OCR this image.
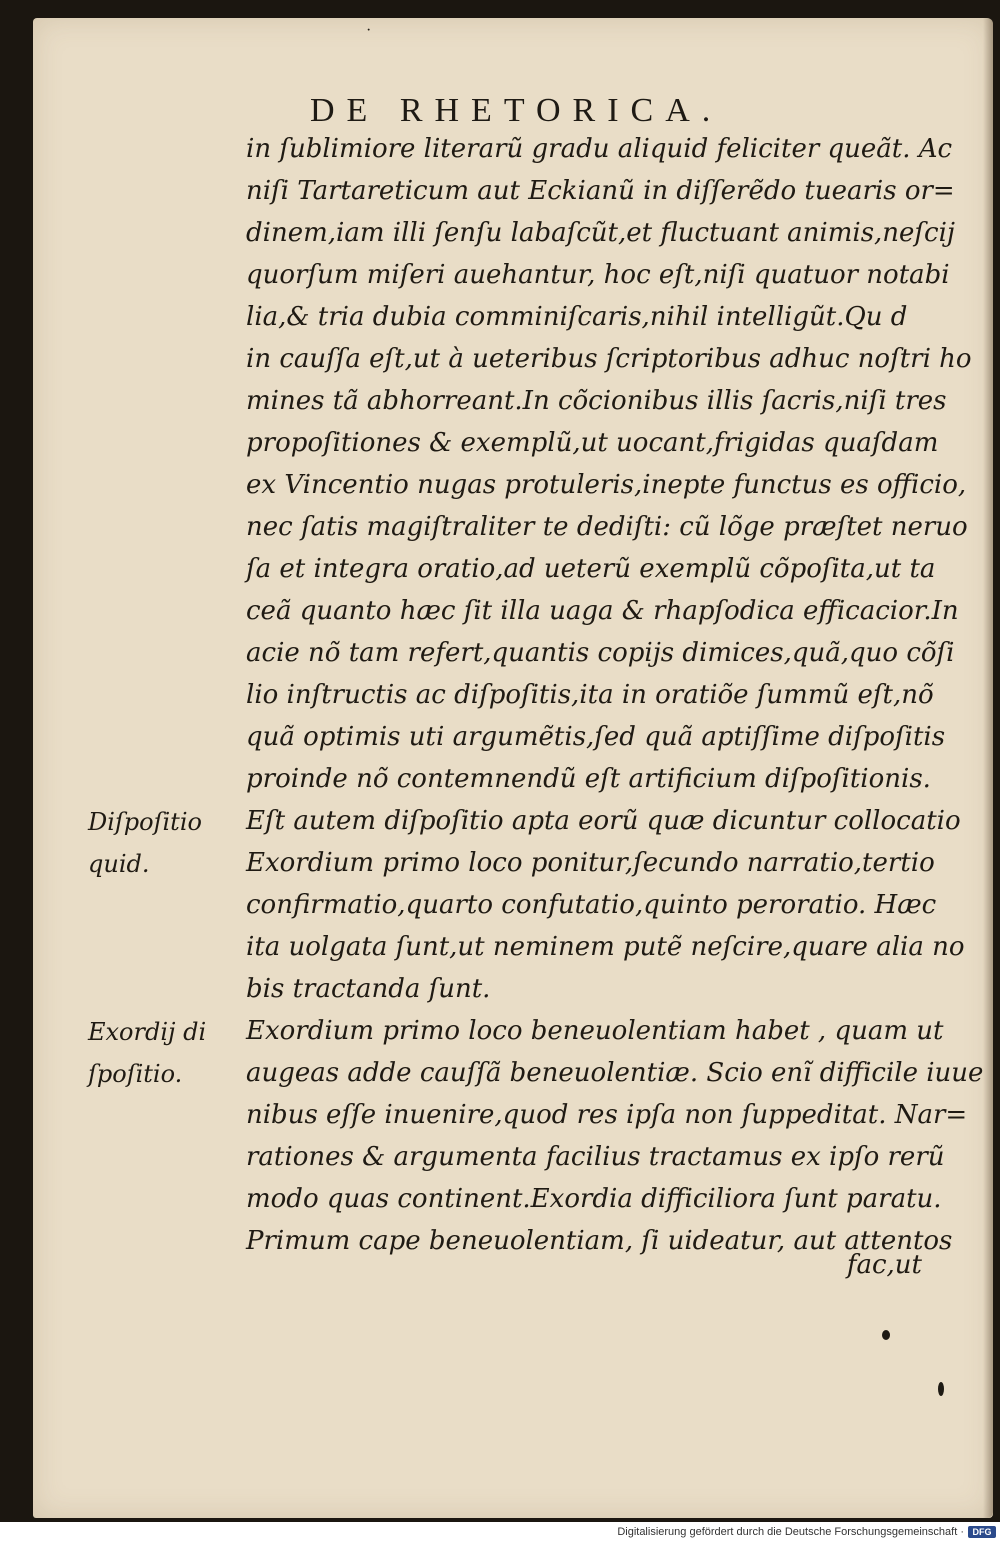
·
DE RHETORICA.
in ſublimiore literarũ gradu aliquid feliciter queãt. Ac
niſi Tartareticum aut Eckianũ in diſſerẽdo tuearis or=
dinem,iam illi ſenſu labaſcũt,et fluctuant animis,neſcij
quorſum miſeri auehantur, hoc eſt,niſi quatuor notabi
lia,& tria dubia comminiſcaris,nihil intelligũt.Qu d
in cauſſa eſt,ut à ueteribus ſcriptoribus adhuc noſtri ho
mines tã abhorreant.In cõcionibus illis ſacris,niſi tres
propoſitiones & exemplũ,ut uocant,frigidas quaſdam
ex Vincentio nugas protuleris,inepte functus es officio,
nec ſatis magiſtraliter te dediſti: cũ lõge præſtet neruo
ſa et integra oratio,ad ueterũ exemplũ cõpoſita,ut ta
ceã quanto hæc ſit illa uaga & rhapſodica efficacior.In
acie nõ tam refert,quantis copijs dimices,quã,quo cõſi
lio inſtructis ac diſpoſitis,ita in oratiõe ſummũ eſt,nõ
quã optimis uti argumẽtis,ſed quã aptiſſime diſpoſitis
proinde nõ contemnendũ eſt artificium diſpoſitionis.
Eſt autem diſpoſitio apta eorũ quæ dicuntur collocatio
Exordium primo loco ponitur,ſecundo narratio,tertio
confirmatio,quarto confutatio,quinto peroratio. Hæc
ita uolgata ſunt,ut neminem putẽ neſcire,quare alia no
bis tractanda ſunt.
Exordium primo loco beneuolentiam habet , quam ut
augeas adde cauſſã beneuolentiæ. Scio enĩ difficile iuue
nibus eſſe inuenire,quod res ipſa non ſuppeditat. Nar=
rationes & argumenta facilius tractamus ex ipſo rerũ
modo quas continent.Exordia difficiliora ſunt paratu.
Primum cape beneuolentiam, ſi uideatur, aut attentos
Diſpoſitio
quid.
Exordij di
ſpoſitio.
fac,ut
Digitalisierung gefördert durch die Deutsche Forschungsgemeinschaft · DFG
